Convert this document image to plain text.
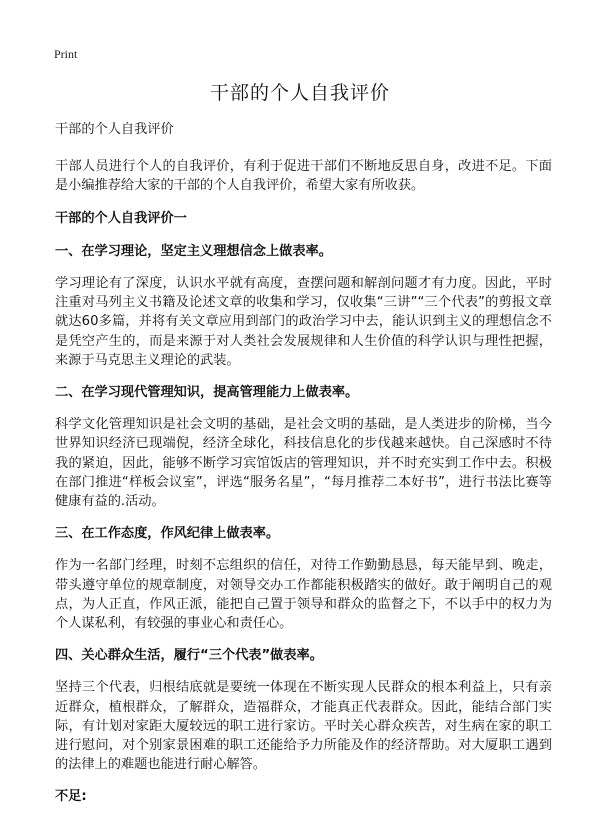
Print
干部的个人自我评价

干部的个人自我评价

干部人员进行个人的自我评价，有利于促进干部们不断地反思自身，改进不足。下面是小编推荐给大家的干部的个人自我评价，希望大家有所收获。

干部的个人自我评价一

一、在学习理论，坚定主义理想信念上做表率。

学习理论有了深度，认识水平就有高度，查摆问题和解剖问题才有力度。因此，平时注重对马列主义书籍及论述文章的收集和学习，仅收集“三讲”“三个代表”的剪报文章就达60多篇，并将有关文章应用到部门的政治学习中去，能认识到主义的理想信念不是凭空产生的，而是来源于对人类社会发展规律和人生价值的科学认识与理性把握，来源于马克思主义理论的武装。

二、在学习现代管理知识，提高管理能力上做表率。

科学文化管理知识是社会文明的基础，是社会文明的基础，是人类进步的阶梯，当今世界知识经济已现端倪，经济全球化，科技信息化的步伐越来越快。自己深感时不待我的紧迫，因此，能够不断学习宾馆饭店的管理知识，并不时充实到工作中去。积极在部门推进“样板会议室”，评选“服务名星”，“每月推荐二本好书”，进行书法比赛等健康有益的.活动。

三、在工作态度，作风纪律上做表率。

作为一名部门经理，时刻不忘组织的信任，对待工作勤勤恳恳，每天能早到、晚走，带头遵守单位的规章制度，对领导交办工作都能积极踏实的做好。敢于阐明自己的观点，为人正直，作风正派，能把自己置于领导和群众的监督之下，不以手中的权力为个人谋私利，有较强的事业心和责任心。

四、关心群众生活，履行“三个代表”做表率。

坚持三个代表，归根结底就是要统一体现在不断实现人民群众的根本利益上，只有亲近群众，植根群众，了解群众，造福群众，才能真正代表群众。因此，能结合部门实际，有计划对家距大厦较远的职工进行家访。平时关心群众疾苦，对生病在家的职工进行慰问，对个别家景困难的职工还能给予力所能及作的经济帮助。对大厦职工遇到的法律上的难题也能进行耐心解答。

不足:
